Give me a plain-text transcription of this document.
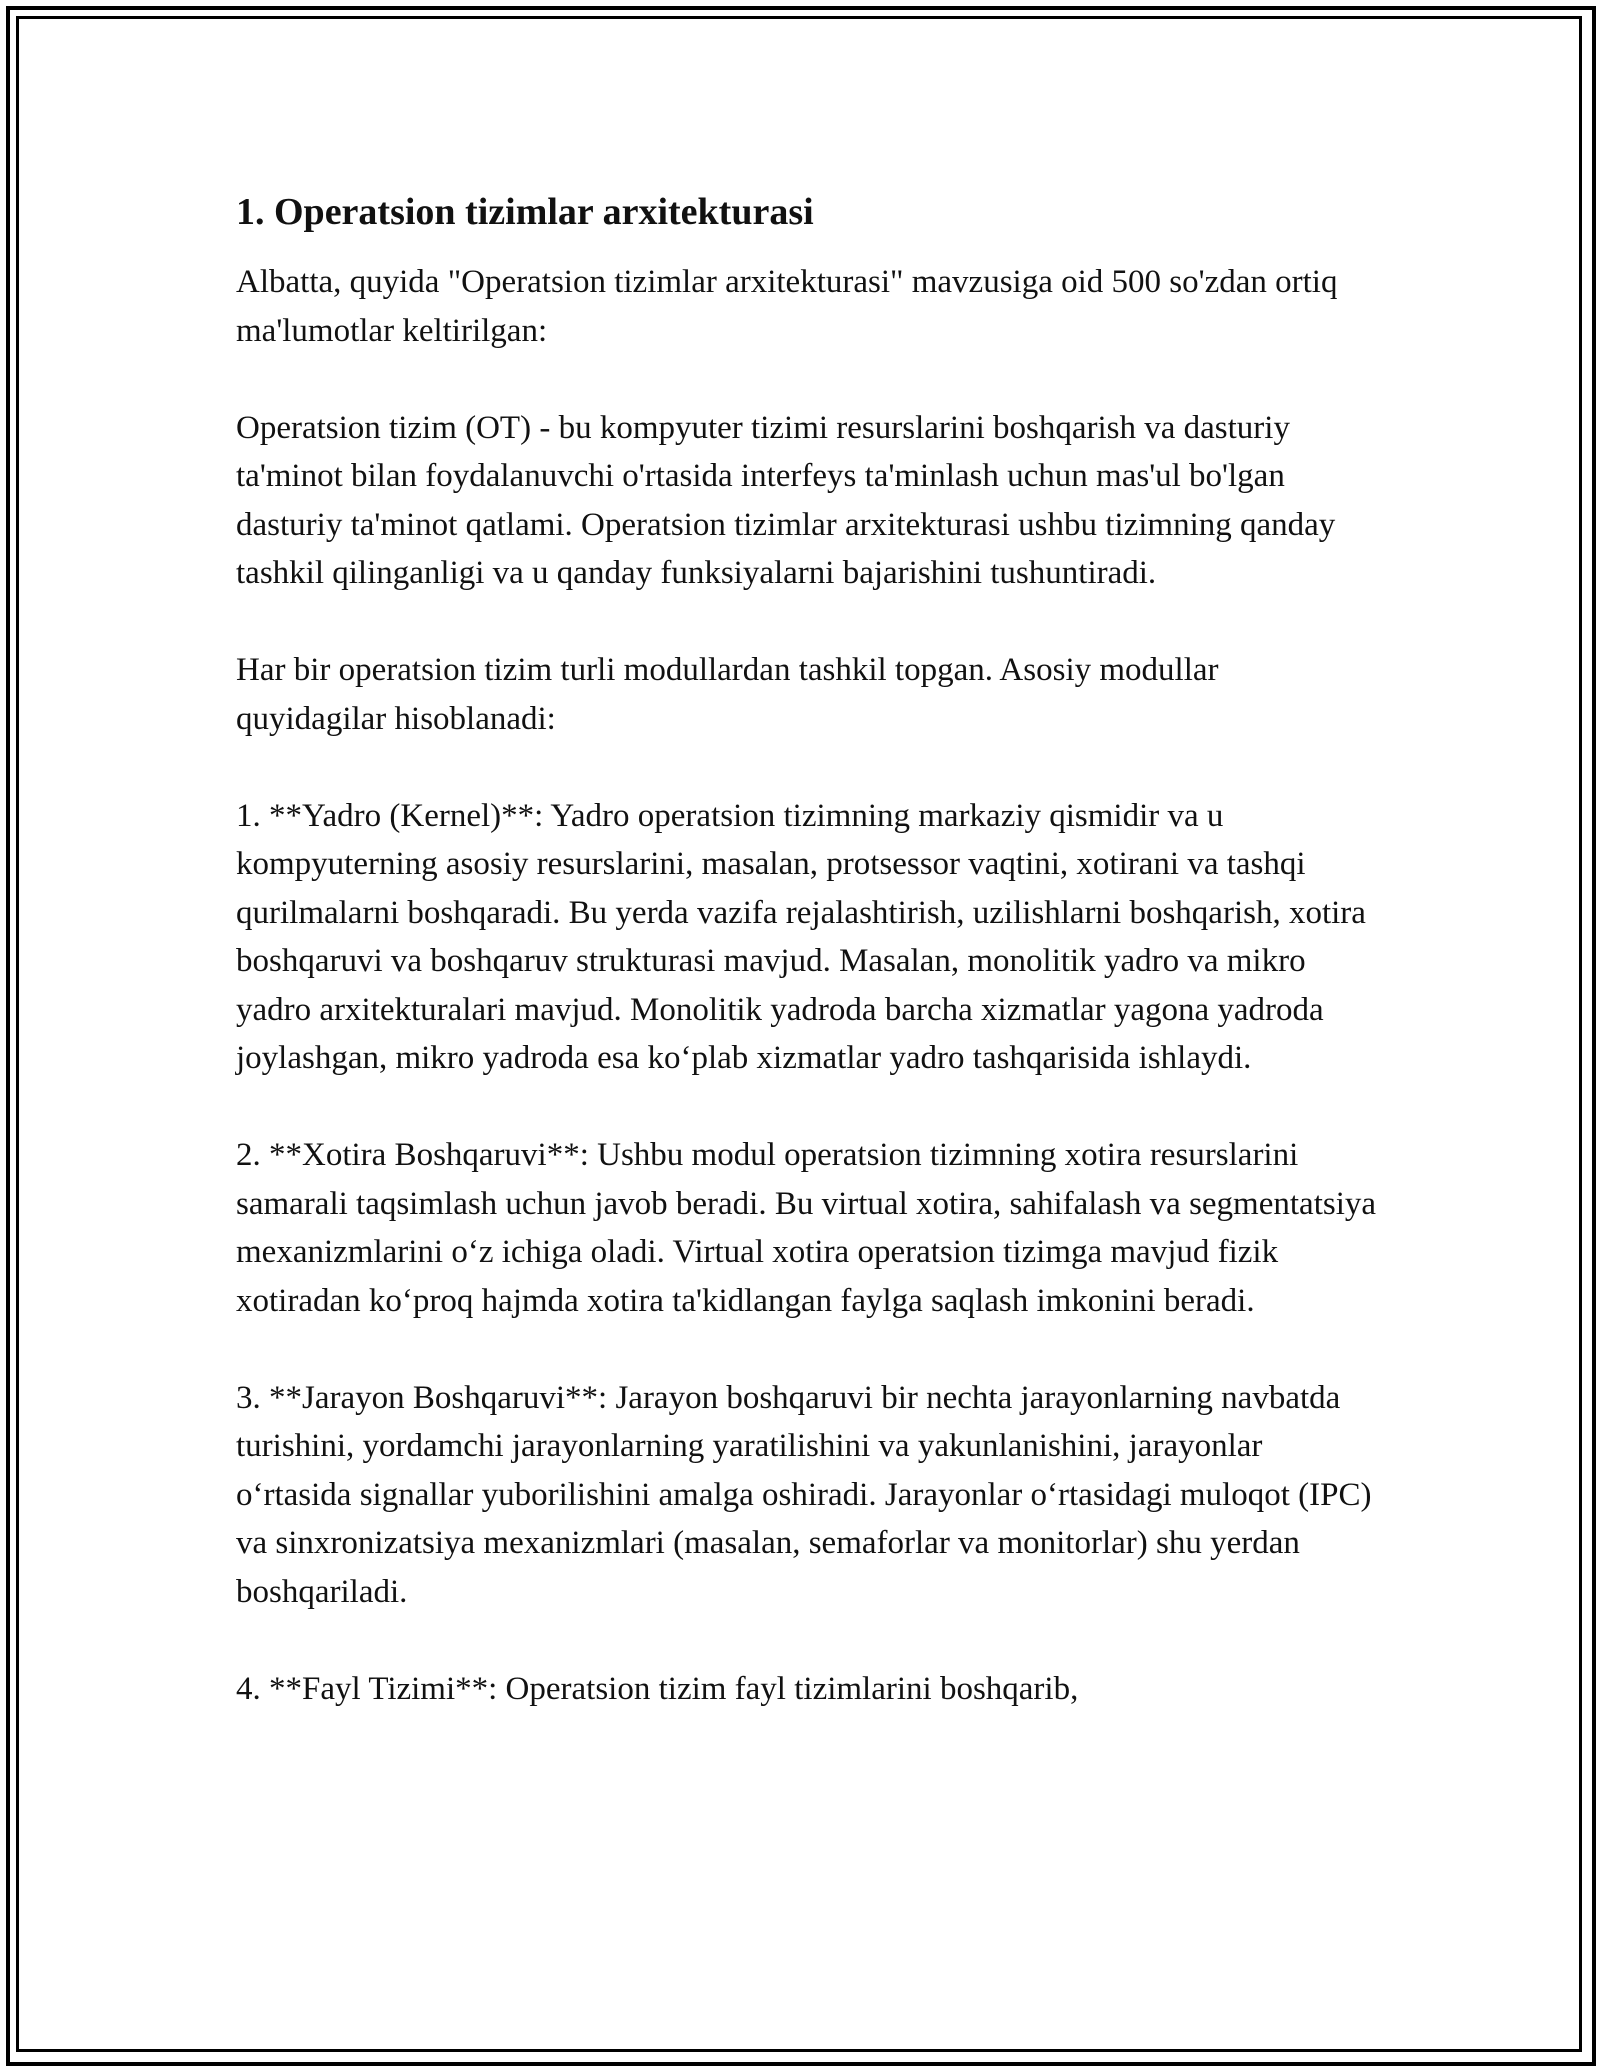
1. Operatsion tizimlar arxitekturasi

Albatta, quyida "Operatsion tizimlar arxitekturasi" mavzusiga oid 500 so'zdan ortiq ma'lumotlar keltirilgan:

Operatsion tizim (OT) - bu kompyuter tizimi resurslarini boshqarish va dasturiy ta'minot bilan foydalanuvchi o'rtasida interfeys ta'minlash uchun mas'ul bo'lgan dasturiy ta'minot qatlami. Operatsion tizimlar arxitekturasi ushbu tizimning qanday tashkil qilinganligi va u qanday funksiyalarni bajarishini tushuntiradi.

Har bir operatsion tizim turli modullardan tashkil topgan. Asosiy modullar quyidagilar hisoblanadi:

1. **Yadro (Kernel)**: Yadro operatsion tizimning markaziy qismidir va u kompyuterning asosiy resurslarini, masalan, protsessor vaqtini, xotirani va tashqi qurilmalarni boshqaradi. Bu yerda vazifa rejalashtirish, uzilishlarni boshqarish, xotira boshqaruvi va boshqaruv strukturasi mavjud. Masalan, monolitik yadro va mikro yadro arxitekturalari mavjud. Monolitik yadroda barcha xizmatlar yagona yadroda joylashgan, mikro yadroda esa ko‘plab xizmatlar yadro tashqarisida ishlaydi.

2. **Xotira Boshqaruvi**: Ushbu modul operatsion tizimning xotira resurslarini samarali taqsimlash uchun javob beradi. Bu virtual xotira, sahifalash va segmentatsiya mexanizmlarini o‘z ichiga oladi. Virtual xotira operatsion tizimga mavjud fizik xotiradan ko‘proq hajmda xotira ta'kidlangan faylga saqlash imkonini beradi.

3. **Jarayon Boshqaruvi**: Jarayon boshqaruvi bir nechta jarayonlarning navbatda turishini, yordamchi jarayonlarning yaratilishini va yakunlanishini, jarayonlar o‘rtasida signallar yuborilishini amalga oshiradi. Jarayonlar o‘rtasidagi muloqot (IPC) va sinxronizatsiya mexanizmlari (masalan, semaforlar va monitorlar) shu yerdan boshqariladi.

4. **Fayl Tizimi**: Operatsion tizim fayl tizimlarini boshqarib,
